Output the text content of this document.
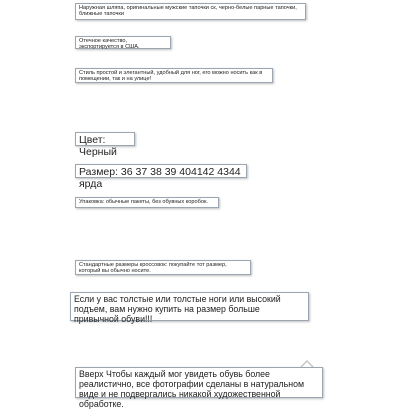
Наружная шляпа, оригинальные мужские тапочки ск, черно-белые парные тапочки, ближные тапочки
Отечное качество, экспортируется в США.
Стиль простой и элегантный, удобный для ног, его можно носить как в помещении, так и на улице!
Цвет: Черный
Размер: 36 37 38 39 404142 4344 ярда
Упаковка: обычные пакеты, без обувных коробок.
Стандартные размеры кроссовок: покупайте тот размер, который вы обычно носите.
Если у вас толстые или толстые ноги или высокий подъем, вам нужно купить на размер больше привычной обуви!!!
Вверх Чтобы каждый мог увидеть обувь более реалистично, все фотографии сделаны в натуральном виде и не подвергались никакой художественной обработке.
